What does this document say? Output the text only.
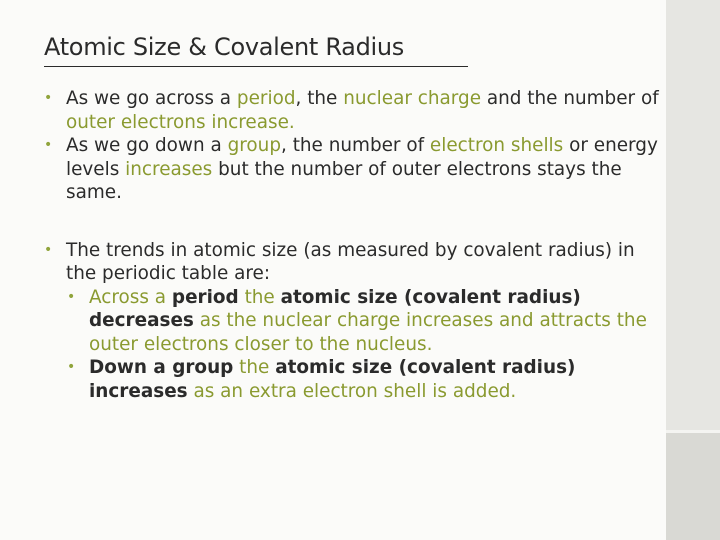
Atomic Size & Covalent Radius

• As we go across a period, the nuclear charge and the number of outer electrons increase.

• As we go down a group, the number of electron shells or energy levels increases but the number of outer electrons stays the same.

• The trends in atomic size (as measured by covalent radius) in the periodic table are:

• Across a period the atomic size (covalent radius) decreases as the nuclear charge increases and attracts the outer electrons closer to the nucleus.

• Down a group the atomic size (covalent radius) increases as an extra electron shell is added.
